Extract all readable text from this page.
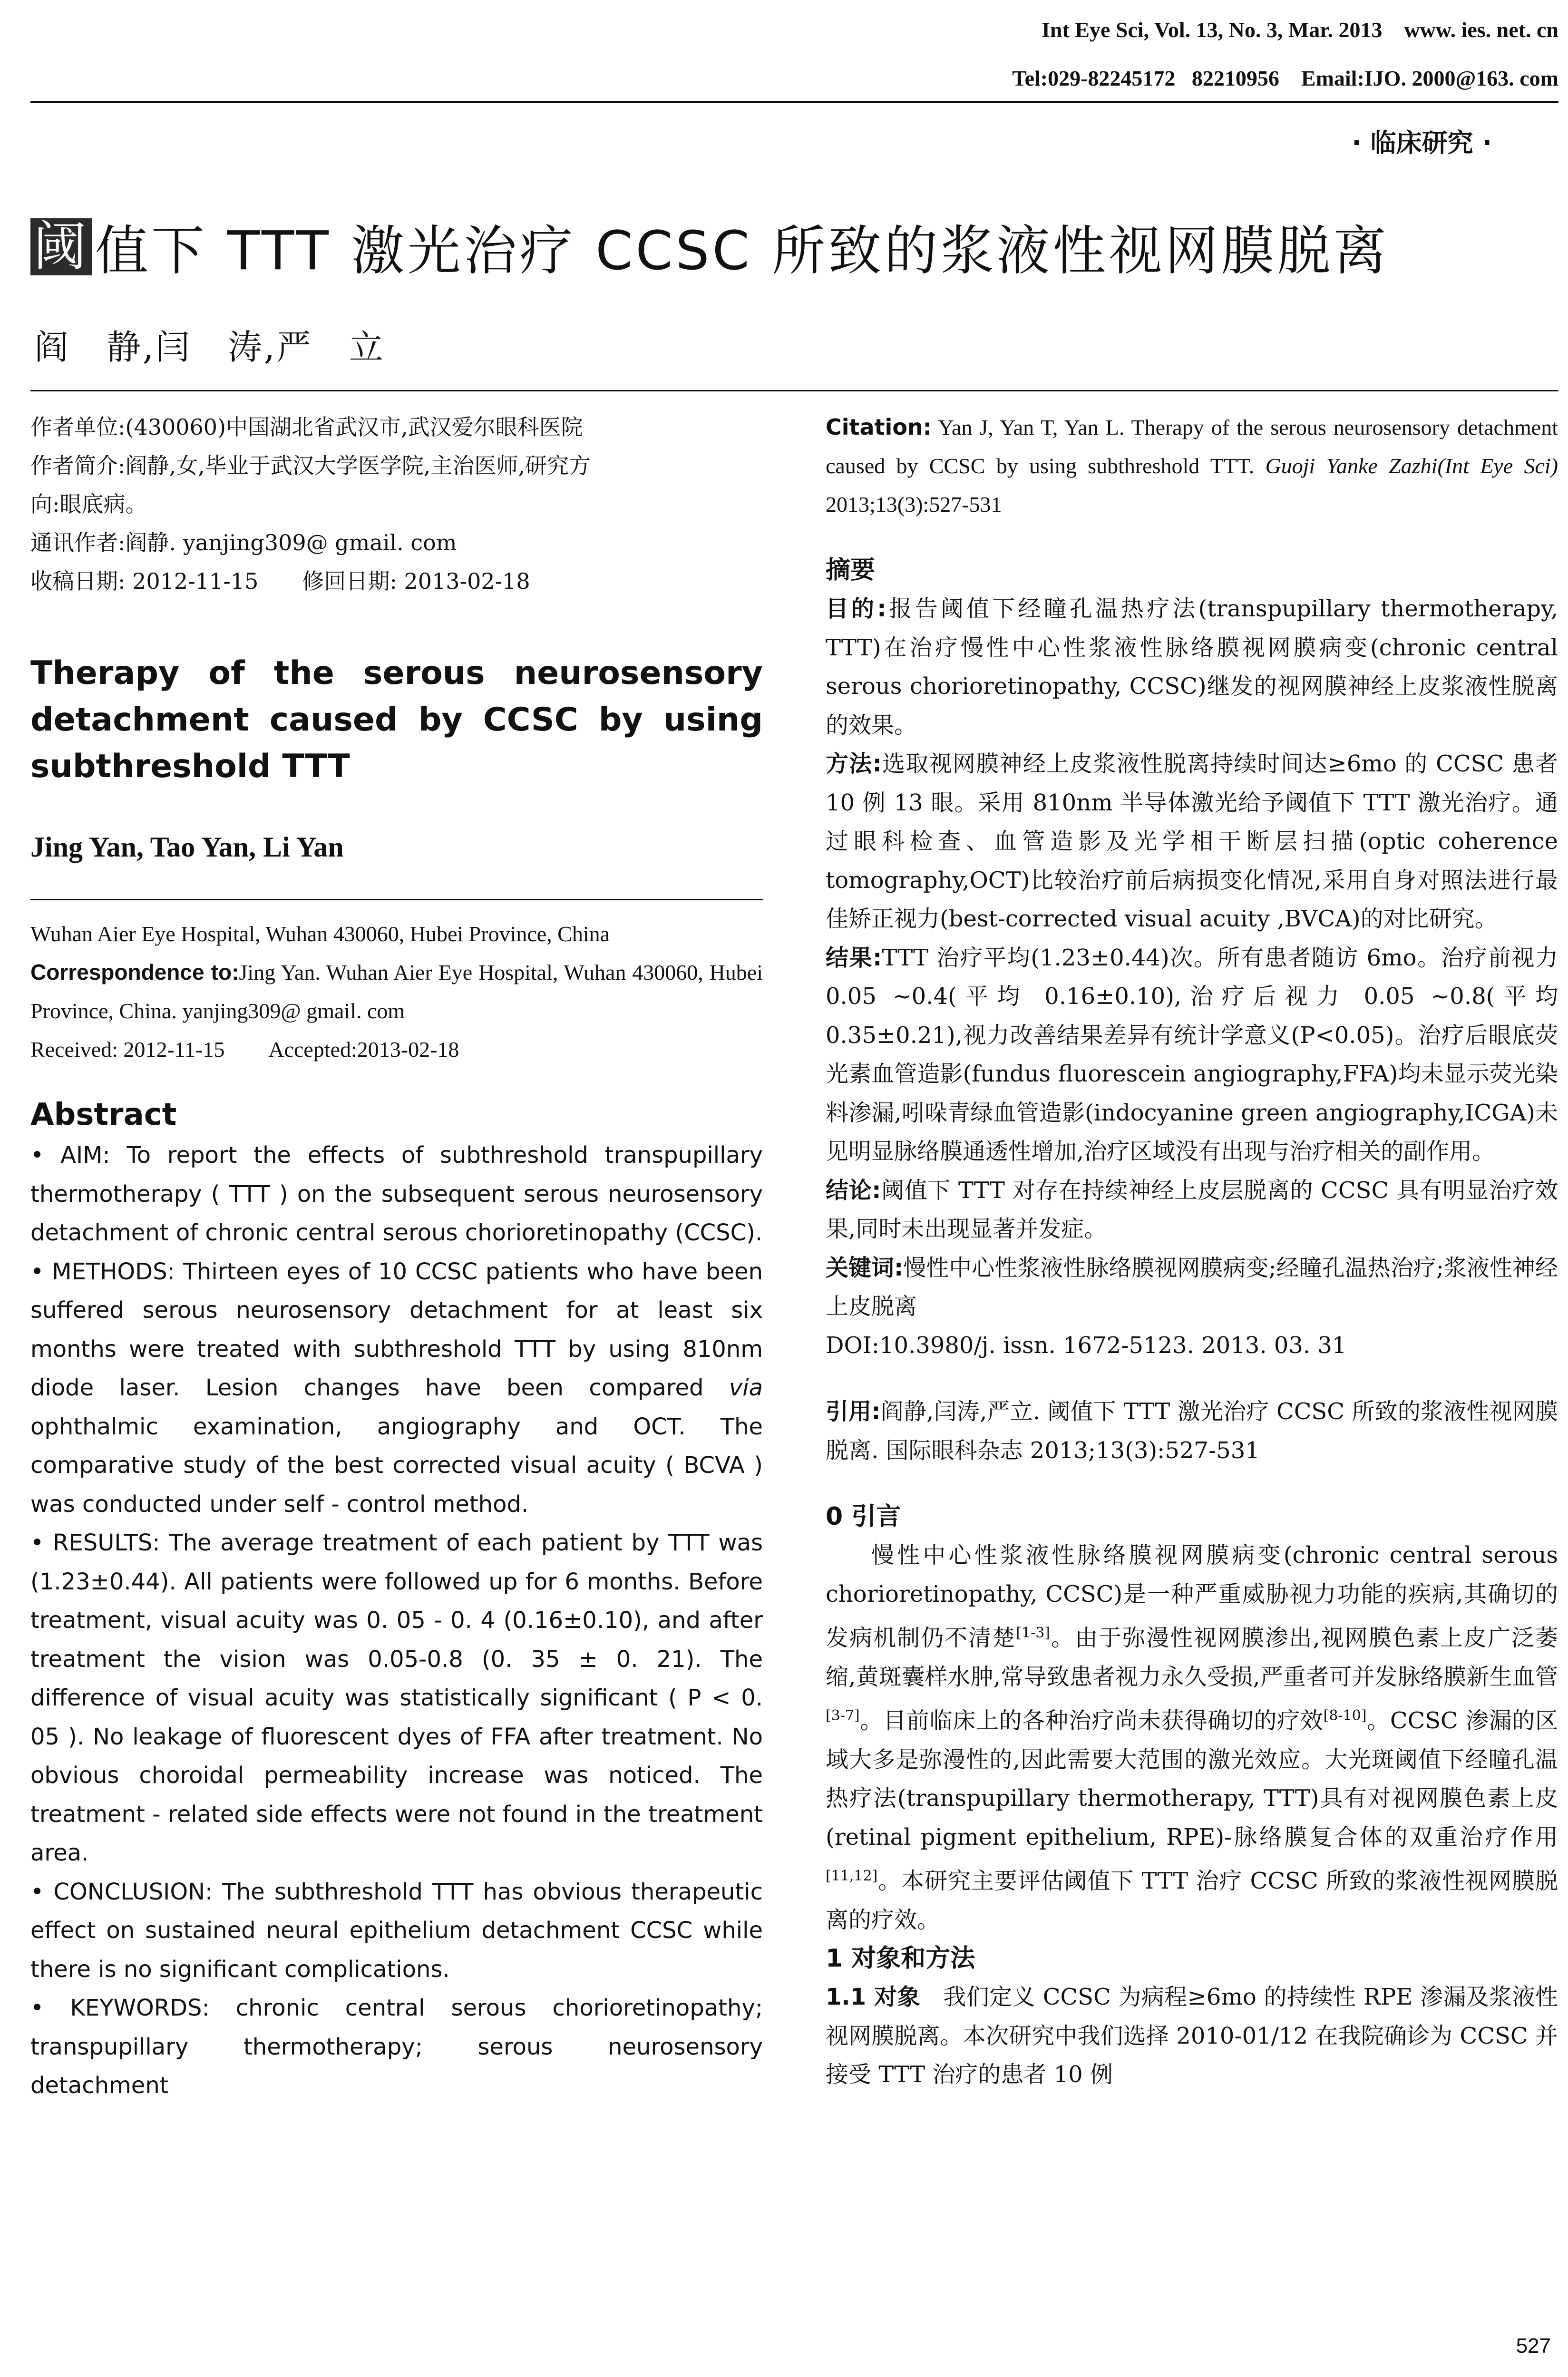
Int Eye Sci, Vol. 13, No. 3, Mar. 2013    www. ies. net. cn
Tel:029-82245172   82210956    Email:IJO. 2000@163. com
· 临床研究 ·
阈 值下 TTT 激光治疗 CCSC 所致的浆液性视网膜脱离
阎　静,闫　涛,严　立

作者单位:(430060)中国湖北省武汉市,武汉爱尔眼科医院

作者简介:阎静,女,毕业于武汉大学医学院,主治医师,研究方

向:眼底病。

通讯作者:阎静. yanjing309@ gmail. com

收稿日期: 2012-11-15　　修回日期: 2013-02-18

Therapy of the serous neurosensory detachment caused by CCSC by using subthreshold TTT
Jing Yan, Tao Yan, Li Yan

Wuhan Aier Eye Hospital, Wuhan 430060, Hubei Province, China

Correspondence to:Jing Yan. Wuhan Aier Eye Hospital, Wuhan 430060, Hubei Province, China. yanjing309@ gmail. com

Received: 2012-11-15　　Accepted:2013-02-18

Abstract

• AIM: To report the effects of subthreshold transpupillary thermotherapy ( TTT ) on the subsequent serous neurosensory detachment of chronic central serous chorioretinopathy (CCSC).

• METHODS: Thirteen eyes of 10 CCSC patients who have been suffered serous neurosensory detachment for at least six months were treated with subthreshold TTT by using 810nm diode laser. Lesion changes have been compared via ophthalmic examination, angiography and OCT. The comparative study of the best corrected visual acuity ( BCVA ) was conducted under self - control method.

• RESULTS: The average treatment of each patient by TTT was (1.23±0.44). All patients were followed up for 6 months. Before treatment, visual acuity was 0. 05 - 0. 4 (0.16±0.10), and after treatment the vision was 0.05-0.8 (0. 35 ± 0. 21). The difference of visual acuity was statistically significant ( P < 0. 05 ). No leakage of fluorescent dyes of FFA after treatment. No obvious choroidal permeability increase was noticed. The treatment - related side effects were not found in the treatment area.

• CONCLUSION: The subthreshold TTT has obvious therapeutic effect on sustained neural epithelium detachment CCSC while there is no significant complications.

• KEYWORDS: chronic central serous chorioretinopathy; transpupillary thermotherapy; serous neurosensory detachment

Citation: Yan J, Yan T, Yan L. Therapy of the serous neurosensory detachment caused by CCSC by using subthreshold TTT. Guoji Yanke Zazhi(Int Eye Sci) 2013;13(3):527-531
摘要

目的:报告阈值下经瞳孔温热疗法(transpupillary thermotherapy, TTT)在治疗慢性中心性浆液性脉络膜视网膜病变(chronic central serous chorioretinopathy, CCSC)继发的视网膜神经上皮浆液性脱离的效果。

方法:选取视网膜神经上皮浆液性脱离持续时间达≥6mo 的 CCSC 患者 10 例 13 眼。采用 810nm 半导体激光给予阈值下 TTT 激光治疗。通过眼科检查、血管造影及光学相干断层扫描(optic coherence tomography,OCT)比较治疗前后病损变化情况,采用自身对照法进行最佳矫正视力(best-corrected visual acuity ,BVCA)的对比研究。

结果:TTT 治疗平均(1.23±0.44)次。所有患者随访 6mo。治疗前视力 0.05 ~0.4(平均 0.16±0.10),治疗后视力 0.05 ~0.8(平均 0.35±0.21),视力改善结果差异有统计学意义(P<0.05)。治疗后眼底荧光素血管造影(fundus fluorescein angiography,FFA)均未显示荧光染料渗漏,吲哚青绿血管造影(indocyanine green angiography,ICGA)未见明显脉络膜通透性增加,治疗区域没有出现与治疗相关的副作用。

结论:阈值下 TTT 对存在持续神经上皮层脱离的 CCSC 具有明显治疗效果,同时未出现显著并发症。

关键词:慢性中心性浆液性脉络膜视网膜病变;经瞳孔温热治疗;浆液性神经上皮脱离

DOI:10.3980/j. issn. 1672-5123. 2013. 03. 31

引用:阎静,闫涛,严立. 阈值下 TTT 激光治疗 CCSC 所致的浆液性视网膜脱离. 国际眼科杂志 2013;13(3):527-531

0 引言

慢性中心性浆液性脉络膜视网膜病变(chronic central serous chorioretinopathy, CCSC)是一种严重威胁视力功能的疾病,其确切的发病机制仍不清楚[1-3]。由于弥漫性视网膜渗出,视网膜色素上皮广泛萎缩,黄斑囊样水肿,常导致患者视力永久受损,严重者可并发脉络膜新生血管[3-7]。目前临床上的各种治疗尚未获得确切的疗效[8-10]。CCSC 渗漏的区域大多是弥漫性的,因此需要大范围的激光效应。大光斑阈值下经瞳孔温热疗法(transpupillary thermotherapy, TTT)具有对视网膜色素上皮(retinal pigment epithelium, RPE)-脉络膜复合体的双重治疗作用[11,12]。本研究主要评估阈值下 TTT 治疗 CCSC 所致的浆液性视网膜脱离的疗效。

1 对象和方法

1.1 对象　我们定义 CCSC 为病程≥6mo 的持续性 RPE 渗漏及浆液性视网膜脱离。本次研究中我们选择 2010-01/12 在我院确诊为 CCSC 并接受 TTT 治疗的患者 10 例

527
